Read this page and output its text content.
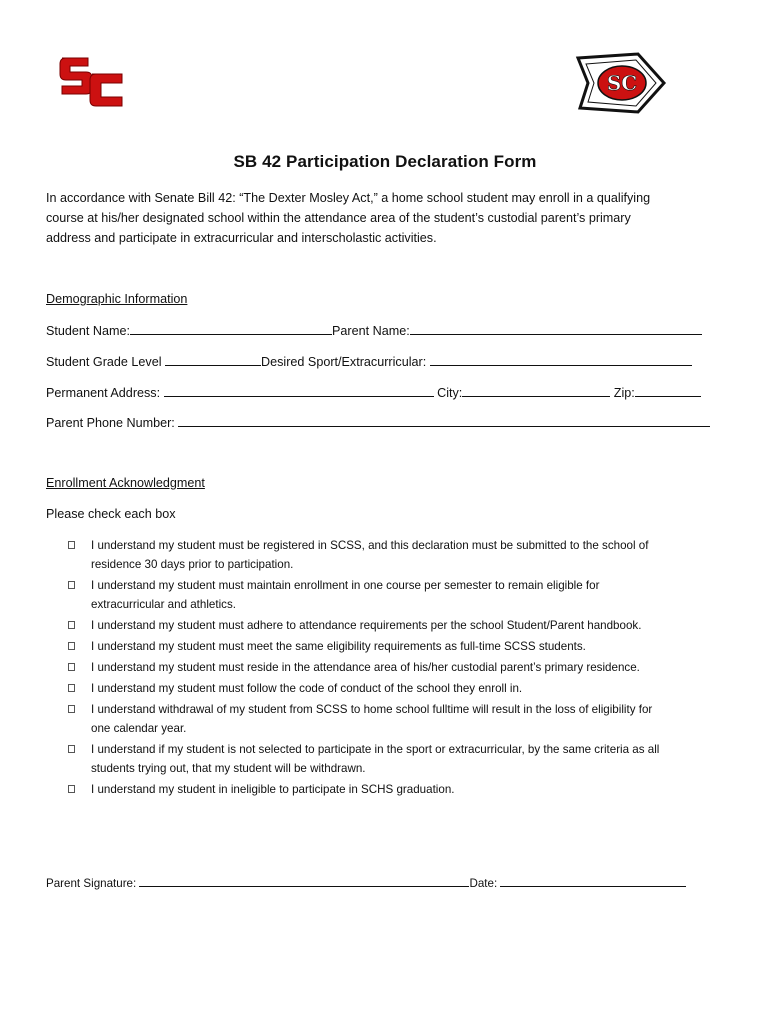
SC
SB 42 Participation Declaration Form
In accordance with Senate Bill 42: “The Dexter Mosley Act,” a home school student may enroll in a qualifying
course at his/her designated school within the attendance area of the student’s custodial parent’s primary
address and participate in extracurricular and interscholastic activities.
Demographic Information
Student Name:	Parent Name:
Student Grade Level	Desired Sport/Extracurricular:
Permanent Address:	City:	Zip:
Parent Phone Number:
Enrollment Acknowledgment
Please check each box
I understand my student must be registered in SCSS, and this declaration must be submitted to the school of
residence 30 days prior to participation.
I understand my student must maintain enrollment in one course per semester to remain eligible for
extracurricular and athletics.
I understand my student must adhere to attendance requirements per the school Student/Parent handbook.
I understand my student must meet the same eligibility requirements as full-time SCSS students.
I understand my student must reside in the attendance area of his/her custodial parent’s primary residence.
I understand my student must follow the code of conduct of the school they enroll in.
I understand withdrawal of my student from SCSS to home school fulltime will result in the loss of eligibility for
one calendar year.
I understand if my student is not selected to participate in the sport or extracurricular, by the same criteria as all
students trying out, that my student will be withdrawn.
I understand my student in ineligible to participate in SCHS graduation.
Parent Signature:	Date:
